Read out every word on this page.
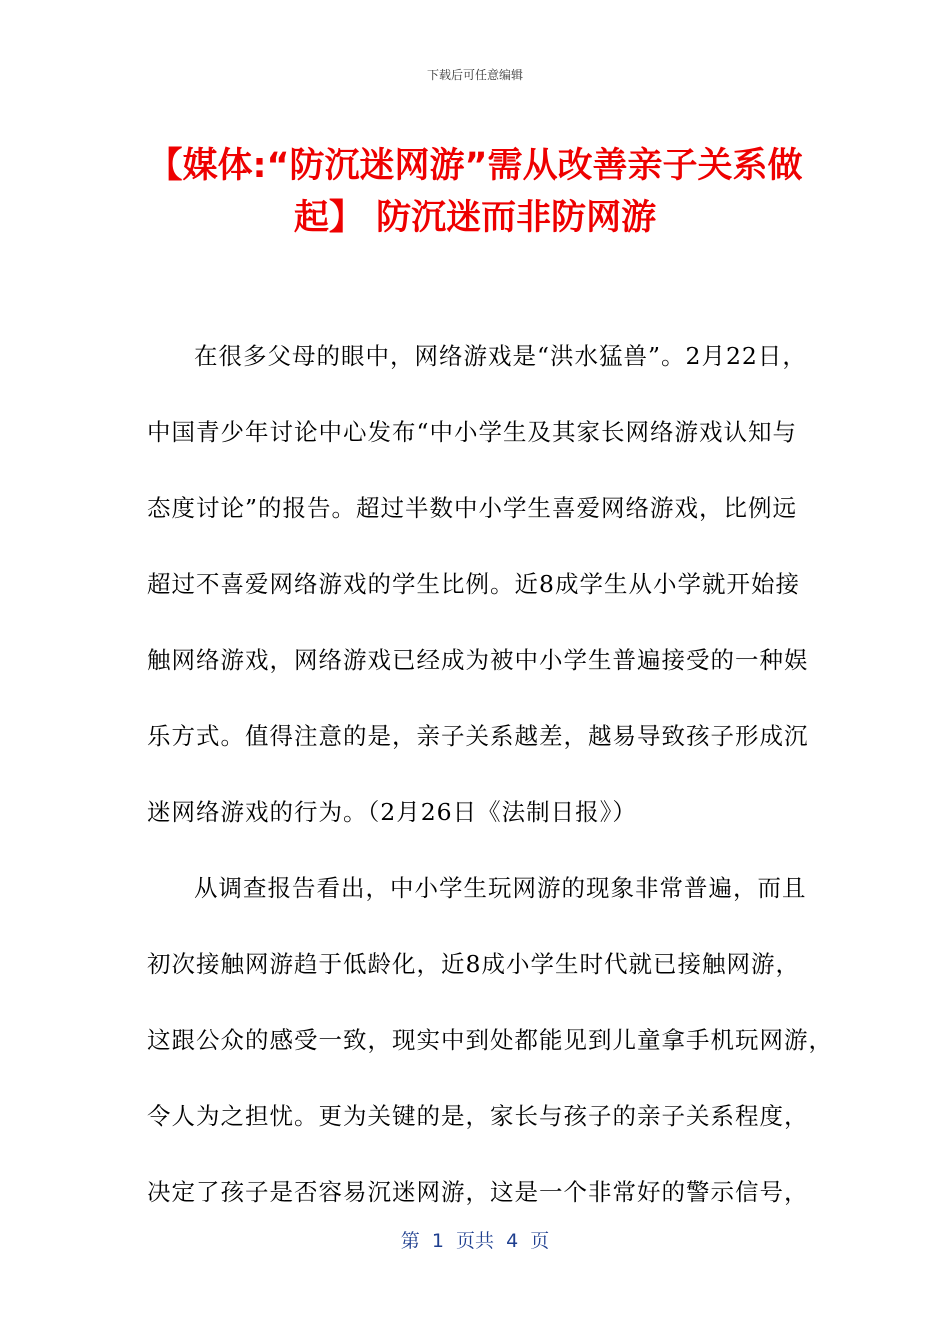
下载后可任意编辑
【媒体:“防沉迷网游”需从改善亲子关系做
起】 防沉迷而非防网游
在很多父母的眼中，网络游戏是“洪水猛兽”。2月22日，
中国青少年讨论中心发布“中小学生及其家长网络游戏认知与
态度讨论”的报告。超过半数中小学生喜爱网络游戏，比例远
超过不喜爱网络游戏的学生比例。近8成学生从小学就开始接
触网络游戏，网络游戏已经成为被中小学生普遍接受的一种娱
乐方式。值得注意的是，亲子关系越差，越易导致孩子形成沉
迷网络游戏的行为。（2月26日《法制日报》）
从调查报告看出，中小学生玩网游的现象非常普遍，而且
初次接触网游趋于低龄化，近8成小学生时代就已接触网游，
这跟公众的感受一致，现实中到处都能见到儿童拿手机玩网游，
令人为之担忧。更为关键的是，家长与孩子的亲子关系程度，
决定了孩子是否容易沉迷网游，这是一个非常好的警示信号，
第  1  页共  4  页
